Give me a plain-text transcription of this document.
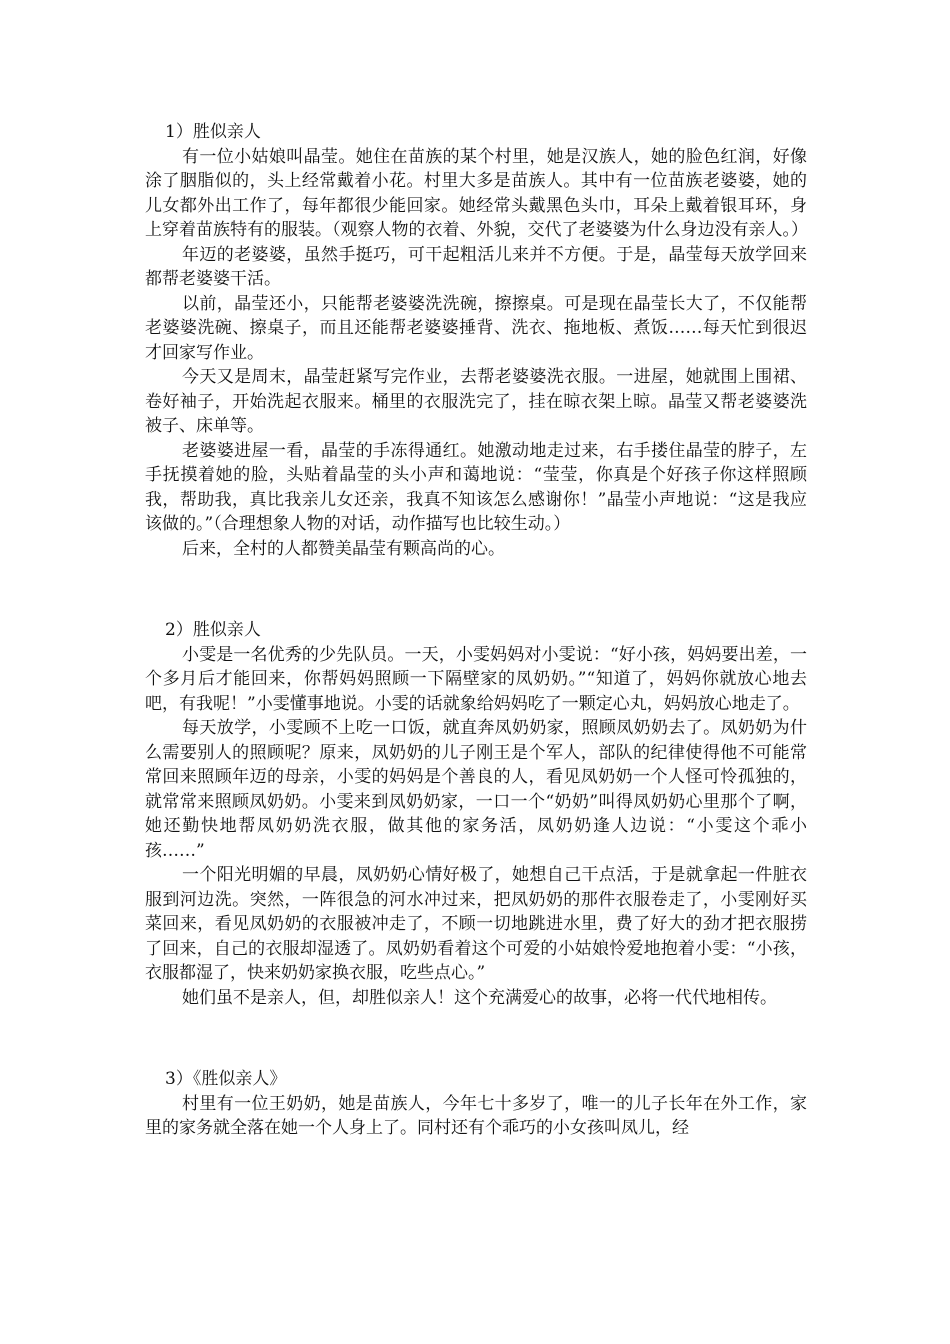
1）胜似亲人

有一位小姑娘叫晶莹。她住在苗族的某个村里，她是汉族人，她的脸色红润，好像涂了胭脂似的，头上经常戴着小花。村里大多是苗族人。其中有一位苗族老婆婆，她的儿女都外出工作了，每年都很少能回家。她经常头戴黑色头巾，耳朵上戴着银耳环，身上穿着苗族特有的服装。（观察人物的衣着、外貌，交代了老婆婆为什么身边没有亲人。）

年迈的老婆婆，虽然手挺巧，可干起粗活儿来并不方便。于是，晶莹每天放学回来都帮老婆婆干活。

以前，晶莹还小，只能帮老婆婆洗洗碗，擦擦桌。可是现在晶莹长大了，不仅能帮老婆婆洗碗、擦桌子，而且还能帮老婆婆捶背、洗衣、拖地板、煮饭……每天忙到很迟才回家写作业。

今天又是周末，晶莹赶紧写完作业，去帮老婆婆洗衣服。一进屋，她就围上围裙、卷好袖子，开始洗起衣服来。桶里的衣服洗完了，挂在晾衣架上晾。晶莹又帮老婆婆洗被子、床单等。

老婆婆进屋一看，晶莹的手冻得通红。她激动地走过来，右手搂住晶莹的脖子，左手抚摸着她的脸，头贴着晶莹的头小声和蔼地说：“莹莹，你真是个好孩子你这样照顾我，帮助我，真比我亲儿女还亲，我真不知该怎么感谢你！”晶莹小声地说：“这是我应该做的。”（合理想象人物的对话，动作描写也比较生动。）

后来，全村的人都赞美晶莹有颗高尚的心。

2）胜似亲人

小雯是一名优秀的少先队员。一天，小雯妈妈对小雯说：“好小孩，妈妈要出差，一个多月后才能回来，你帮妈妈照顾一下隔壁家的凤奶奶。”“知道了，妈妈你就放心地去吧，有我呢！”小雯懂事地说。小雯的话就象给妈妈吃了一颗定心丸，妈妈放心地走了。

每天放学，小雯顾不上吃一口饭，就直奔凤奶奶家，照顾凤奶奶去了。凤奶奶为什么需要别人的照顾呢？原来，凤奶奶的儿子刚王是个军人，部队的纪律使得他不可能常常回来照顾年迈的母亲，小雯的妈妈是个善良的人，看见凤奶奶一个人怪可怜孤独的，就常常来照顾凤奶奶。小雯来到凤奶奶家，一口一个“奶奶”叫得凤奶奶心里那个了啊，她还勤快地帮凤奶奶洗衣服，做其他的家务活，凤奶奶逢人边说：“小雯这个乖小孩……”

一个阳光明媚的早晨，凤奶奶心情好极了，她想自己干点活，于是就拿起一件脏衣服到河边洗。突然，一阵很急的河水冲过来，把凤奶奶的那件衣服卷走了，小雯刚好买菜回来，看见凤奶奶的衣服被冲走了，不顾一切地跳进水里，费了好大的劲才把衣服捞了回来，自己的衣服却湿透了。凤奶奶看着这个可爱的小姑娘怜爱地抱着小雯：“小孩，衣服都湿了，快来奶奶家换衣服，吃些点心。”

她们虽不是亲人，但，却胜似亲人！这个充满爱心的故事，必将一代代地相传。

3）《胜似亲人》

村里有一位王奶奶，她是苗族人，今年七十多岁了，唯一的儿子长年在外工作，家里的家务就全落在她一个人身上了。同村还有个乖巧的小女孩叫凤儿，经
